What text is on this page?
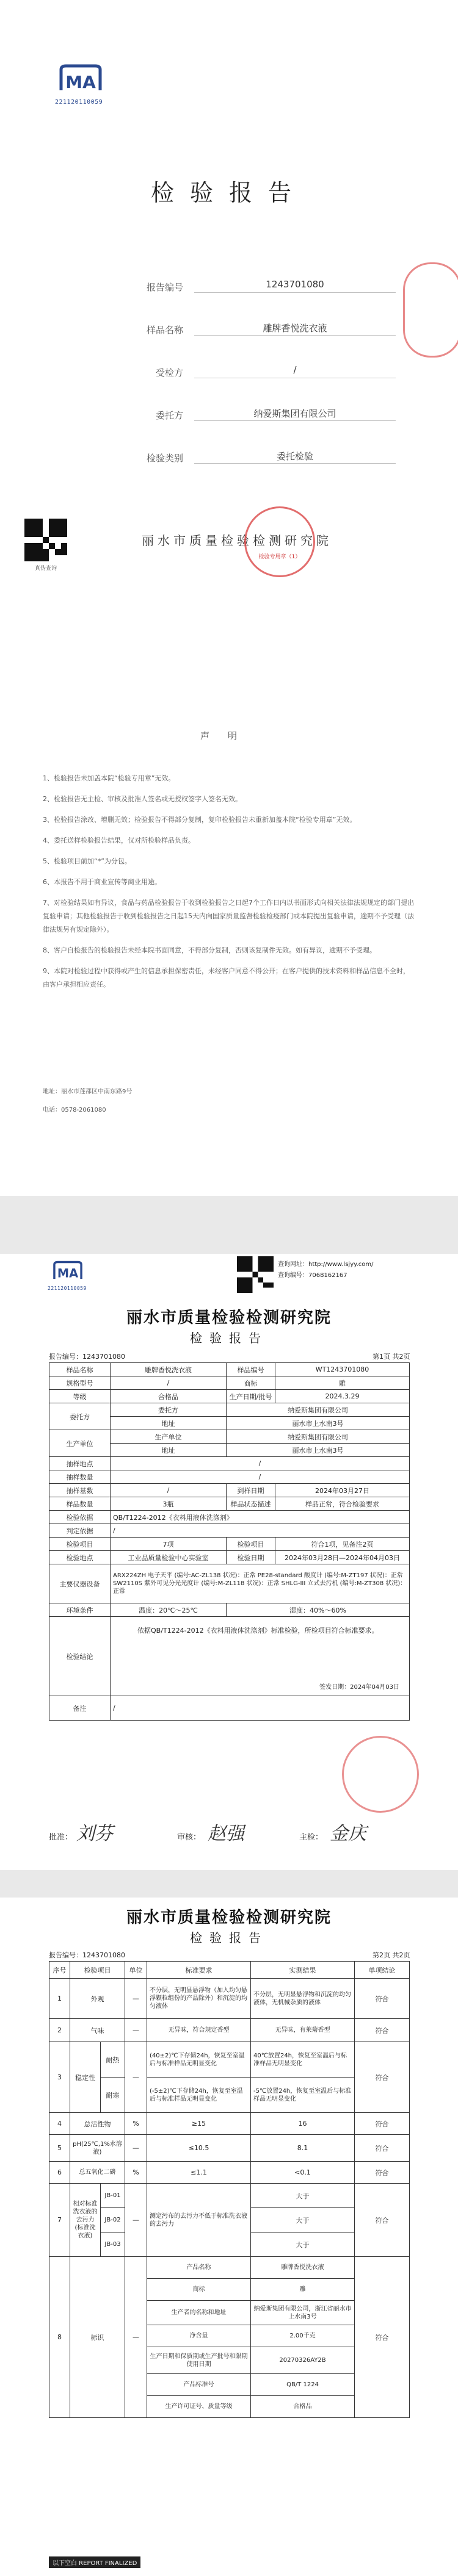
MA
221120110059
检验报告
报告编号	1243701080
样品名称	雕牌香悦洗衣液
受检方	/
委托方	纳爱斯集团有限公司
检验类别	委托检验
真伪查询
丽水市质量检验检测研究院
检验专用章（1）
声明
1、检验报告未加盖本院“检验专用章”无效。
2、检验报告无主检、审核及批准人签名或无授权签字人签名无效。
3、检验报告涂改、增删无效；检验报告不得部分复制，复印检验报告未重新加盖本院“检验专用章”无效。
4、委托送样检验报告结果，仅对所检验样品负责。
5、检验项目前加“*”为分包。
6、本报告不用于商业宣传等商业用途。
7、对检验结果如有异议，食品与药品检验报告于收到检验报告之日起7个工作日内以书面形式向相关法律法规规定的部门提出复验申请；其他检验报告于收到检验报告之日起15天内向国家质量监督检验检疫部门或本院提出复验申请，逾期不予受理（法律法规另有规定除外）。
8、客户自检报告的检验报告未经本院书面同意，不得部分复制，否则该复制件无效。如有异议，逾期不予受理。
9、本院对检验过程中获得或产生的信息承担保密责任，未经客户同意不得公开；在客户提供的技术资料和样品信息不全时，由客户承担相应责任。
地址：丽水市莲都区中南东路9号
电话：0578-2061080
MA
221120110059
查询网址：http://www.lsjyy.com/
查询编号：7068162167
丽水市质量检验检测研究院
检验报告
报告编号：1243701080	第1页 共2页
样品名称	雕牌香悦洗衣液	样品编号	WT1243701080
规格型号	/	商标	雕
等级	合格品	生产日期/批号	2024.3.29
委托方	委托方	纳爱斯集团有限公司	
	地址	丽水市上水南3号	
生产单位	生产单位	纳爱斯集团有限公司	
	地址	丽水市上水南3号	
抽样地点	/		
抽样数量	/		
抽样基数	/	到样日期	2024年03月27日
样品数量	3瓶	样品状态描述	样品正常，符合检验要求
检验依据	QB/T1224-2012《衣料用液体洗涤剂》		
判定依据	/		
检验项目	7项	检验项目	符合1项，见备注2页
检验地点	工业品质量检验中心实验室	检验日期	2024年03月28日—2024年04月03日
主要仪器设备	ARX224ZH 电子天平 (编号:AC-ZL138 状况)：正常 PE28-standard 酸度计 (编号:M-ZT197 状况)：正常 SW2110S 紫外可见分光光度计 (编号:M-ZL118 状况)：正常 SHLG-III 立式去污机 (编号:M-ZT308 状况)：正常		
环境条件	温度：20℃～25℃	湿度：40%～60%	
检验结论	依据QB/T1224-2012《衣料用液体洗涤剂》标准检验，所检项目符合标准要求。
签发日期：2024年04月03日		

备注	/		
批准： 刘芬	审核： 赵强	主检： 金庆
丽水市质量检验检测研究院
检验报告
报告编号：1243701080	第2页 共2页
序号	检验项目		单位	标准要求	实测结果	单项结论
1	外观		—	不分层，无明显悬浮物（加入均匀悬浮颗粒组份的产品除外）和沉淀的均匀液体	不分层，无明显悬浮物和沉淀的均匀液体，无机械杂质的液体	符合
2	气味		—	无异味，符合规定香型	无异味，有莱菊香型	符合
3	稳定性	耐热	—	(40±2)℃下存储24h，恢复至室温后与标准样品无明显变化	40℃放置24h，恢复至室温后与标准样品无明显变化	符合
		耐寒		(-5±2)℃下存储24h，恢复至室温后与标准样品无明显变化	-5℃放置24h，恢复至室温后与标准样品无明显变化	
4	总活性物		%	≥15	16	符合
5	pH(25℃,1%水溶液)		—	≤10.5	8.1	符合
6	总五氧化二磷		%	≤1.1	<0.1	符合
7	相对标准洗衣液的去污力(标准洗衣液)	JB-01	—	测定污布的去污力不低于标准洗衣液的去污力	大于	符合
		JB-02			大于	
		JB-03			大于	
8	标识		—	产品名称	雕牌香悦洗衣液	符合
				商标	雕	
				生产者的名称和地址	纳爱斯集团有限公司，浙江省丽水市上水南3号	
				净含量	2.00千克	
				生产日期和保质期或生产批号和限期使用日期	20270326AY2B	
				产品标准号	QB/T 1224	
				生产许可证号、质量等级	合格品	
以下空白 REPORT FINALIZED
